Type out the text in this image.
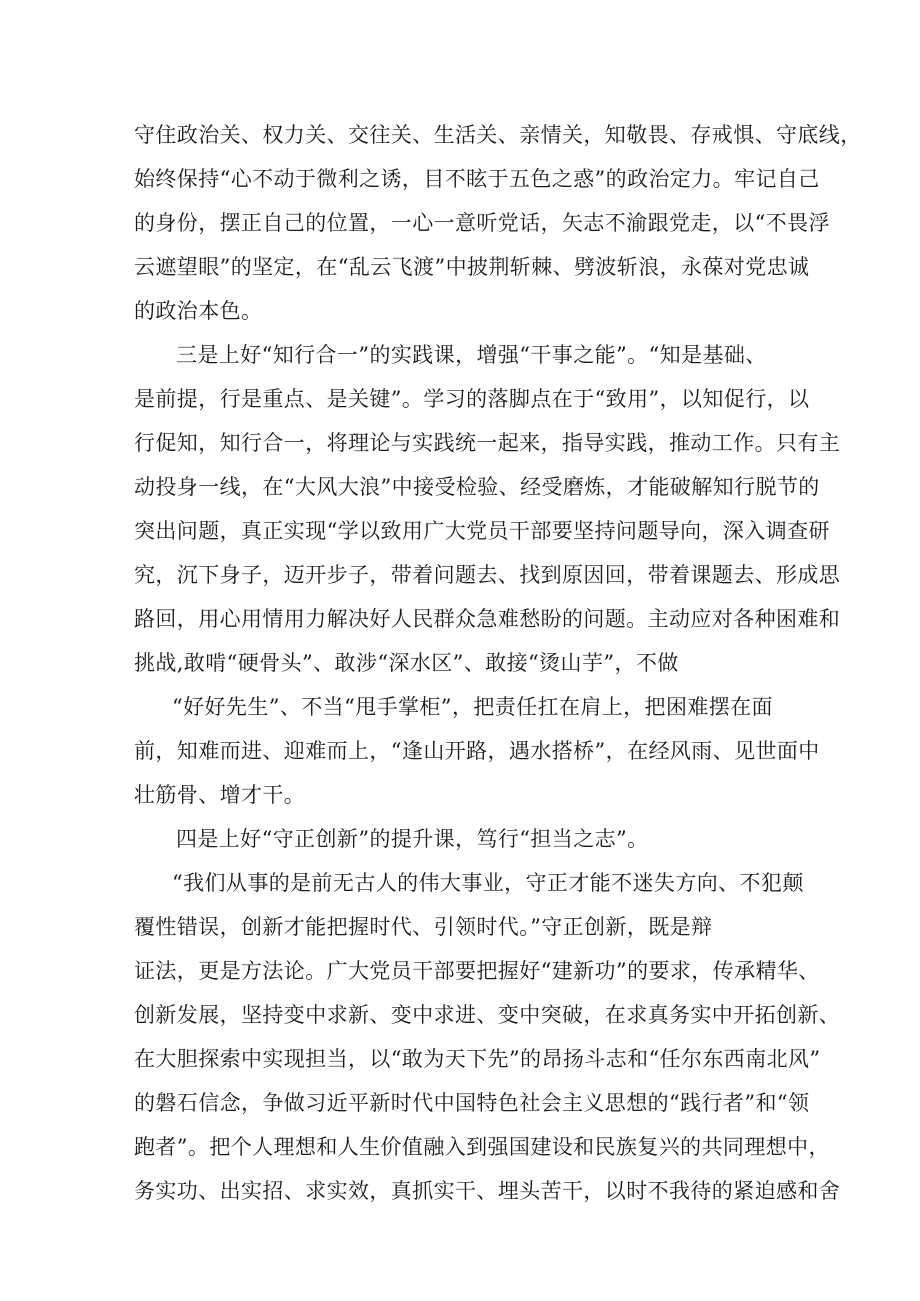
守住政治关、权力关、交往关、生活关、亲情关，知敬畏、存戒惧、守底线，
始终保持“心不动于微利之诱，目不眩于五色之惑”的政治定力。牢记自己
的身份，摆正自己的位置，一心一意听党话，矢志不渝跟党走，以“不畏浮
云遮望眼”的坚定，在“乱云飞渡”中披荆斩棘、劈波斩浪，永葆对党忠诚
的政治本色。
三是上好“知行合一”的实践课，增强“干事之能”。“知是基础、
是前提，行是重点、是关键”。学习的落脚点在于“致用”，以知促行，以
行促知，知行合一，将理论与实践统一起来，指导实践，推动工作。只有主
动投身一线，在“大风大浪”中接受检验、经受磨炼，才能破解知行脱节的
突出问题，真正实现“学以致用广大党员干部要坚持问题导向，深入调查研
究，沉下身子，迈开步子，带着问题去、找到原因回，带着课题去、形成思
路回，用心用情用力解决好人民群众急难愁盼的问题。主动应对各种困难和
挑战,敢啃“硬骨头”、敢涉“深水区”、敢接“烫山芋”，不做
“好好先生”、不当“甩手掌柜”，把责任扛在肩上，把困难摆在面
前，知难而进、迎难而上，“逢山开路，遇水搭桥”，在经风雨、见世面中
壮筋骨、增才干。
四是上好“守正创新”的提升课，笃行“担当之志”。
“我们从事的是前无古人的伟大事业，守正才能不迷失方向、不犯颠
覆性错误，创新才能把握时代、引领时代。”守正创新，既是辩
证法，更是方法论。广大党员干部要把握好“建新功”的要求，传承精华、
创新发展，坚持变中求新、变中求进、变中突破，在求真务实中开拓创新、
在大胆探索中实现担当，以“敢为天下先”的昂扬斗志和“任尔东西南北风”
的磐石信念，争做习近平新时代中国特色社会主义思想的“践行者”和“领
跑者”。把个人理想和人生价值融入到强国建设和民族复兴的共同理想中，
务实功、出实招、求实效，真抓实干、埋头苦干，以时不我待的紧迫感和舍
